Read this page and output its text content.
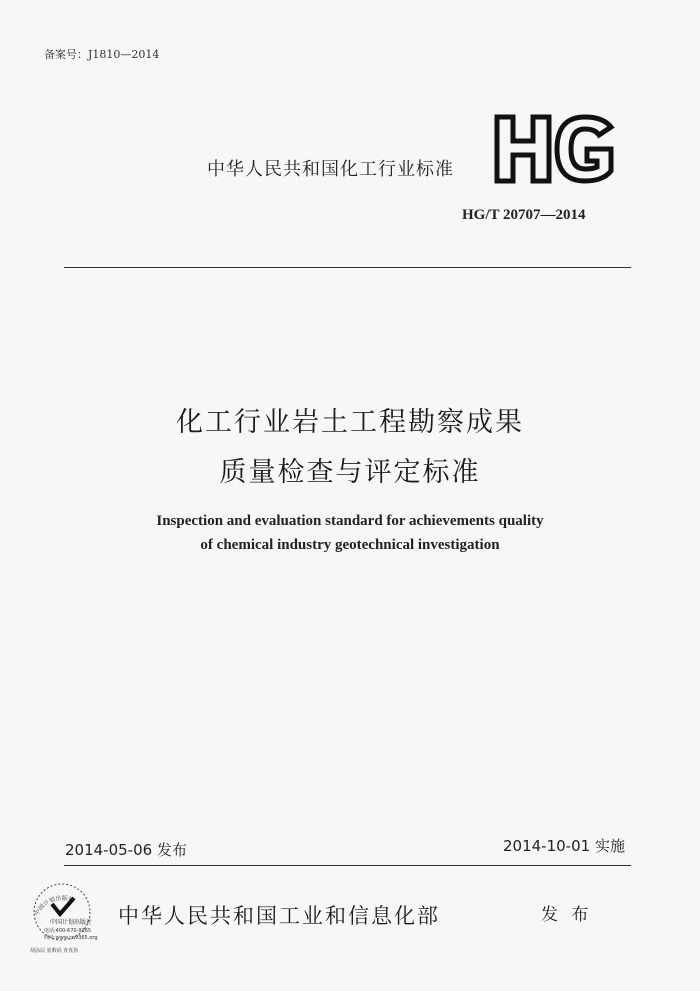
备案号：J1810—2014
中华人民共和国化工行业标准
HG/T 20707—2014
化工行业岩土工程勘察成果
质量检查与评定标准
Inspection and evaluation standard for achievements quality
of chemical industry geotechnical investigation
2014-05-06 发布	2014-10-01 实施
中国计划出版社
中国计划出版社
电话:400-670-9365
网址:www.cn9365.org
刮涂层 验数码 查真伪
中华人民共和国工业和信息化部	发 布
